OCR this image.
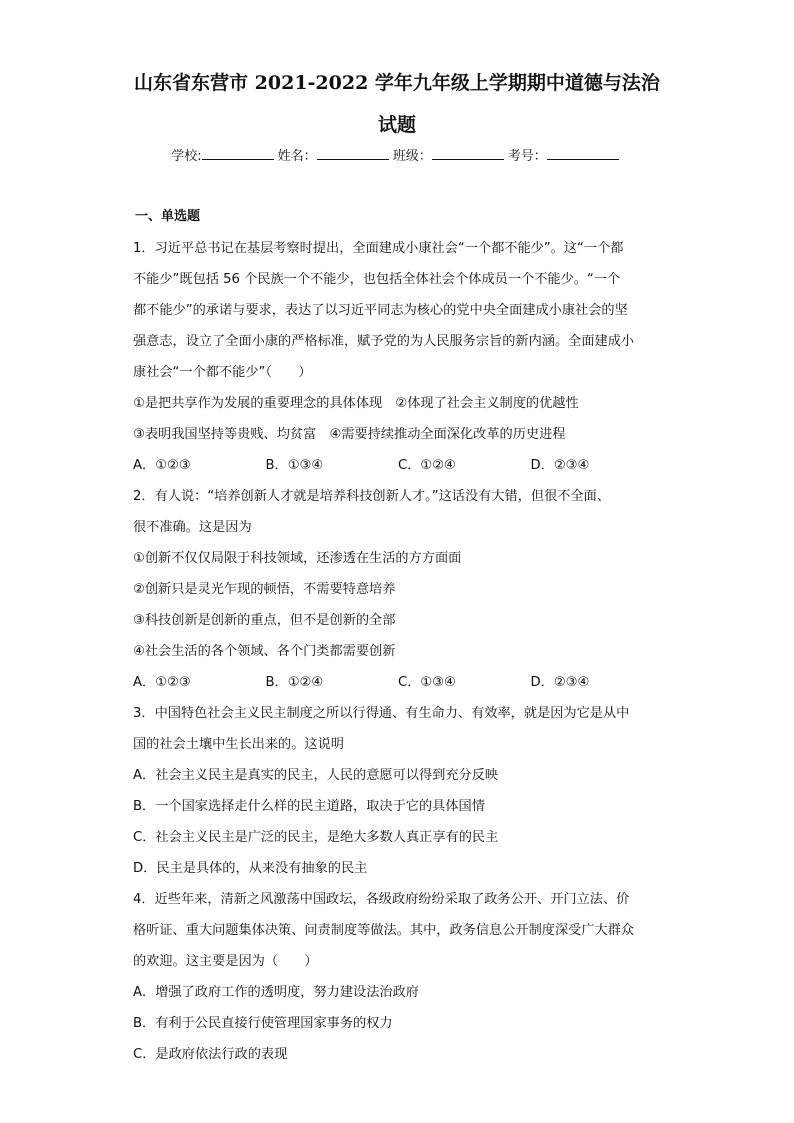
山东省东营市 2021-2022 学年九年级上学期期中道德与法治
试题
学校:	姓名：	班级：	考号：
一、单选题
1．习近平总书记在基层考察时提出，全面建成小康社会“一个都不能少”。这“一个都
不能少”既包括 56 个民族一个不能少，也包括全体社会个体成员一个不能少。“一个
都不能少”的承诺与要求，表达了以习近平同志为核心的党中央全面建成小康社会的坚
强意志，设立了全面小康的严格标准，赋予党的为人民服务宗旨的新内涵。全面建成小
康社会“一个都不能少”（　　）
①是把共享作为发展的重要理念的具体体现　②体现了社会主义制度的优越性
③表明我国坚持等贵贱、均贫富　④需要持续推动全面深化改革的历史进程
A．①②③	B．①③④	C．①②④	D．②③④
2．有人说：“培养创新人才就是培养科技创新人才。”这话没有大错，但很不全面、
很不准确。这是因为
①创新不仅仅局限于科技领域，还渗透在生活的方方面面
②创新只是灵光乍现的顿悟，不需要特意培养
③科技创新是创新的重点，但不是创新的全部
④社会生活的各个领域、各个门类都需要创新
A．①②③	B．①②④	C．①③④	D．②③④
3．中国特色社会主义民主制度之所以行得通、有生命力、有效率，就是因为它是从中
国的社会土壤中生长出来的。这说明
A．社会主义民主是真实的民主，人民的意愿可以得到充分反映
B．一个国家选择走什么样的民主道路，取决于它的具体国情
C．社会主义民主是广泛的民主，是绝大多数人真正享有的民主
D．民主是具体的，从来没有抽象的民主
4．近些年来，清新之风激荡中国政坛，各级政府纷纷采取了政务公开、开门立法、价
格听证、重大问题集体决策、问责制度等做法。其中，政务信息公开制度深受广大群众
的欢迎。这主要是因为（　　）
A．增强了政府工作的透明度，努力建设法治政府
B．有利于公民直接行使管理国家事务的权力
C．是政府依法行政的表现
